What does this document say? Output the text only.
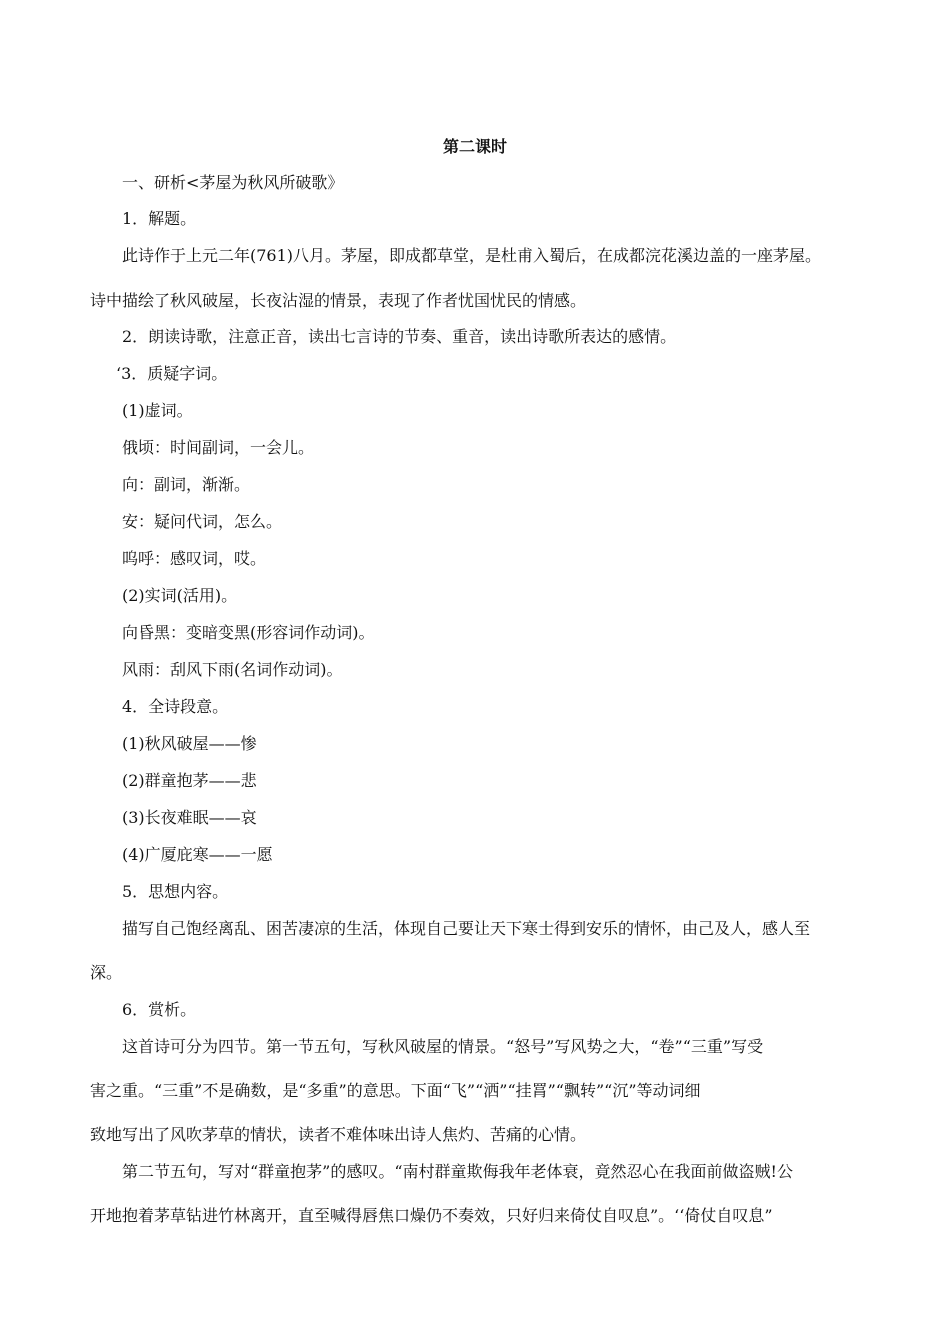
第二课时
一、研析<茅屋为秋风所破歌》
1．解题。
此诗作于上元二年(761)八月。茅屋，即成都草堂，是杜甫入蜀后，在成都浣花溪边盖的一座茅屋。
诗中描绘了秋风破屋，长夜沾湿的情景，表现了作者忧国忧民的情感。
2．朗读诗歌，注意正音，读出七言诗的节奏、重音，读出诗歌所表达的感情。
‘3．质疑字词。
(1)虚词。
俄顷：时间副词，一会儿。
向：副词，渐渐。
安：疑问代词，怎么。
呜呼：感叹词，哎。
(2)实词(活用)。
向昏黑：变暗变黑(形容词作动词)。
风雨：刮风下雨(名词作动词)。
4．全诗段意。
(1)秋风破屋——惨
(2)群童抱茅——悲
(3)长夜难眠——哀
(4)广厦庇寒——一愿
5．思想内容。
描写自己饱经离乱、困苦凄凉的生活，体现自己要让天下寒士得到安乐的情怀，由己及人，感人至
深。
6．赏析。
这首诗可分为四节。第一节五句，写秋风破屋的情景。“怒号”写风势之大，“卷”“三重”写受
害之重。“三重”不是确数，是“多重”的意思。下面“飞”“洒”“挂罥”“飘转”“沉”等动词细
致地写出了风吹茅草的情状，读者不难体味出诗人焦灼、苦痛的心情。
第二节五句，写对“群童抱茅”的感叹。“南村群童欺侮我年老体衰，竟然忍心在我面前做盗贼!公
开地抱着茅草钻进竹林离开，直至喊得唇焦口燥仍不奏效，只好归来倚仗自叹息”。‘‘倚仗自叹息”
